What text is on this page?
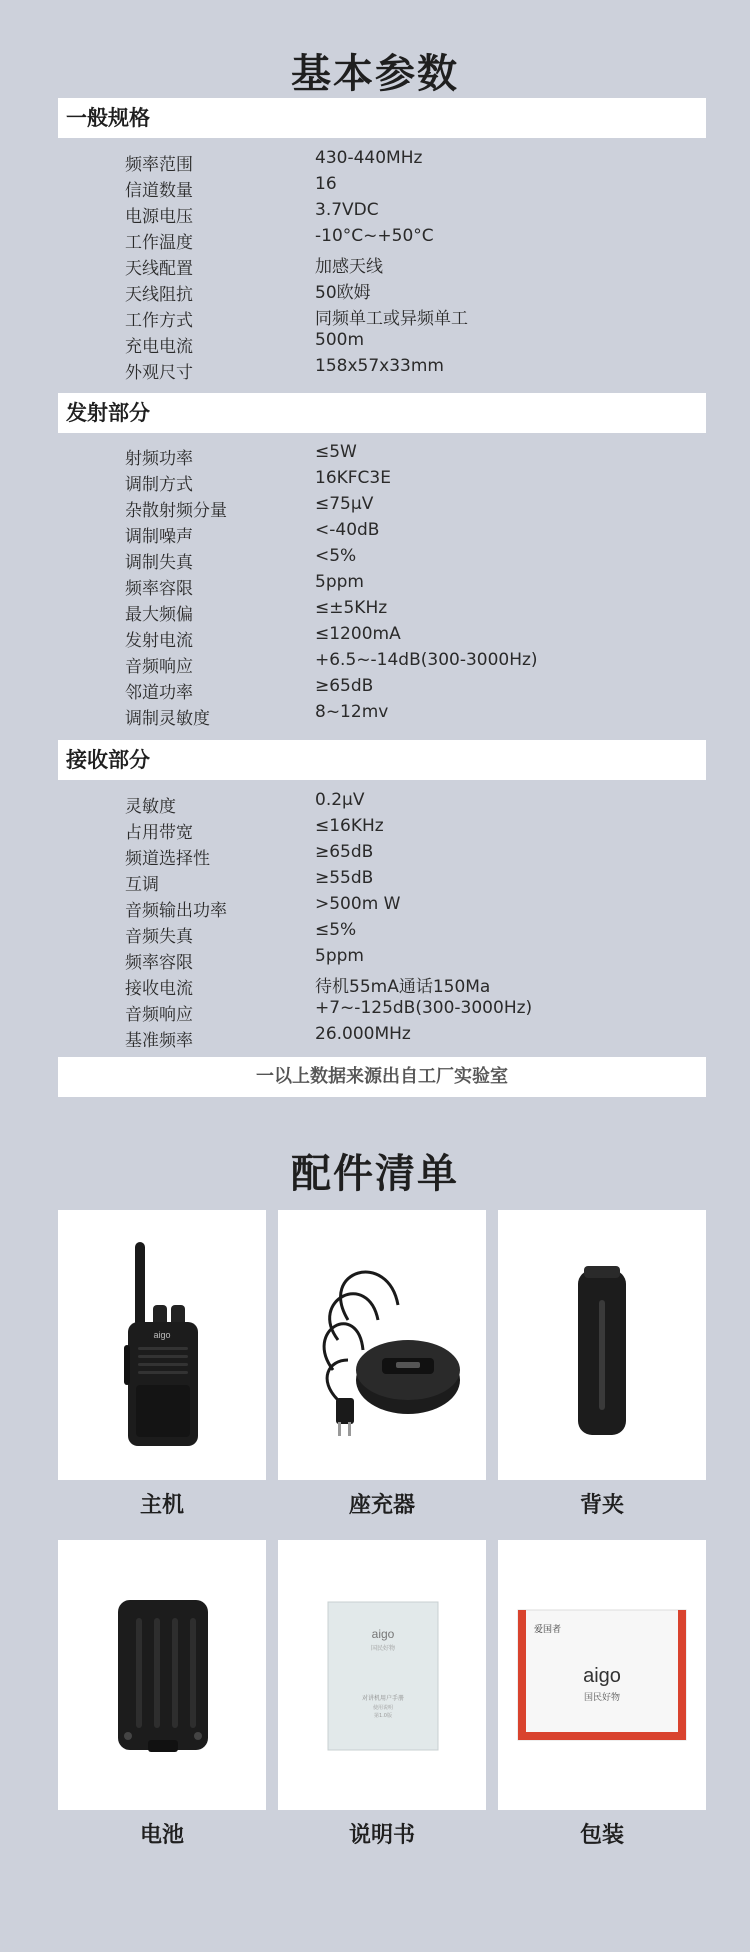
基本参数
一般规格
频率范围	430-440MHz
信道数量	16
电源电压	3.7VDC
工作温度	-10°C~+50°C
天线配置	加感天线
天线阻抗	50欧姆
工作方式	同频单工或异频单工
充电电流	500m
外观尺寸	158x57x33mm
发射部分
射频功率	≤5W
调制方式	16KFC3E
杂散射频分量	≤75μV
调制噪声	<-40dB
调制失真	<5%
频率容限	5ppm
最大频偏	≤±5KHz
发射电流	≤1200mA
音频响应	+6.5~-14dB(300-3000Hz)
邻道功率	≥65dB
调制灵敏度	8~12mv
接收部分
灵敏度	0.2μV
占用带宽	≤16KHz
频道选择性	≥65dB
互调	≥55dB
音频输出功率	>500m W
音频失真	≤5%
频率容限	5ppm
接收电流	待机55mA通话150Ma
音频响应	+7~-125dB(300-3000Hz)
基准频率	26.000MHz
一以上数据来源出自工厂实验室
配件清单
aigo
主机	座充器	背夹
电池
aigo
国民好物
对讲机用户手册
使用说明
第1.0版
说明书
爱国者
aigo
国民好物
包装
